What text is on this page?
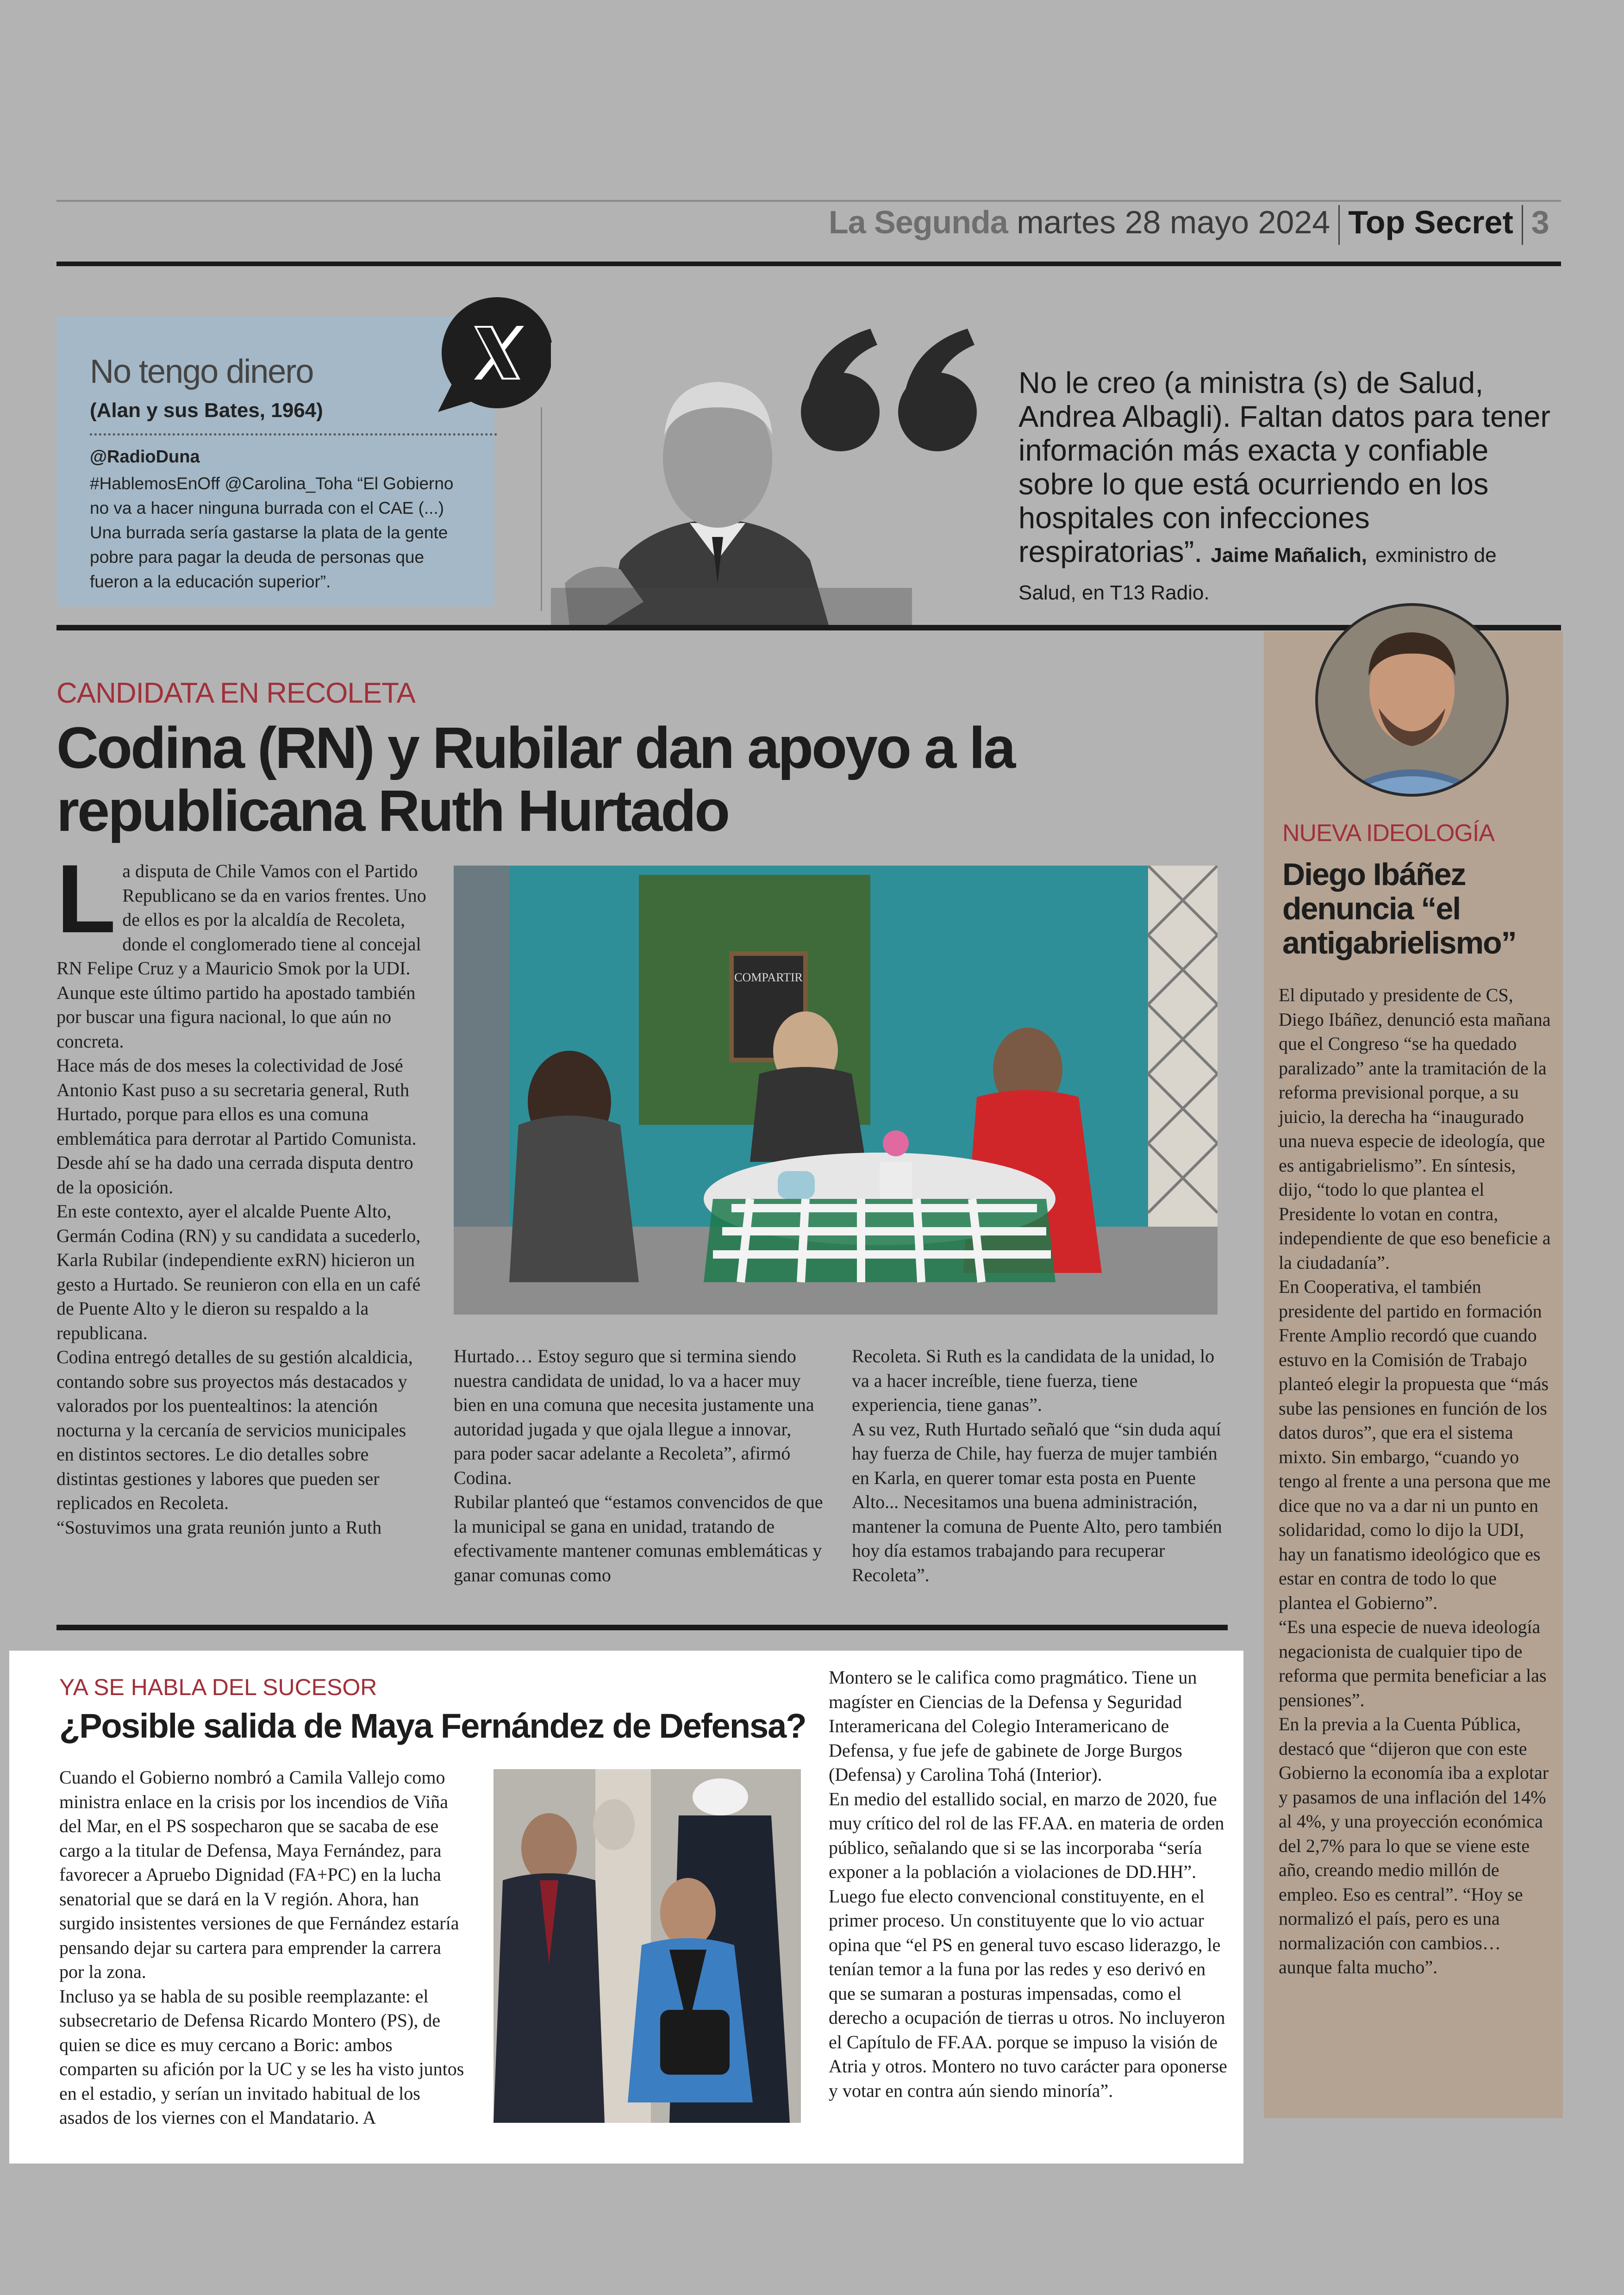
La Segunda martes 28 mayo 2024 Top Secret 3
No tengo dinero
(Alan y sus Bates, 1964)
@RadioDuna
#HablemosEnOff @Carolina_Toha “El Gobierno no va a hacer ninguna burrada con el CAE (...) Una burrada sería gastarse la plata de la gente pobre para pagar la deuda de personas que fueron a la educación superior”.
No le creo (a ministra (s) de Salud, Andrea Albagli). Faltan datos para tener información más exacta y confiable sobre lo que está ocurriendo en los hospitales con infecciones respiratorias”. Jaime Mañalich, exministro de Salud, en T13 Radio.
CANDIDATA EN RECOLETA
Codina (RN) y Rubilar dan apoyo a la republicana Ruth Hurtado

La disputa de Chile Vamos con el Partido Republicano se da en varios frentes. Uno de ellos es por la alcaldía de Recoleta, donde el conglomerado tiene al concejal RN Felipe Cruz y a Mauricio Smok por la UDI. Aunque este último partido ha apostado también por buscar una figura nacional, lo que aún no concreta.

Hace más de dos meses la colectividad de José Antonio Kast puso a su secretaria general, Ruth Hurtado, porque para ellos es una comuna emblemática para derrotar al Partido Comunista. Desde ahí se ha dado una cerrada disputa dentro de la oposición.

En este contexto, ayer el alcalde Puente Alto, Germán Codina (RN) y su candidata a sucederlo, Karla Rubilar (independiente exRN) hicieron un gesto a Hurtado. Se reunieron con ella en un café de Puente Alto y le dieron su respaldo a la republicana.

Codina entregó detalles de su gestión alcaldicia, contando sobre sus proyectos más destacados y valorados por los puentealtinos: la atención nocturna y la cercanía de servicios municipales en distintos sectores. Le dio detalles sobre distintas gestiones y labores que pueden ser replicados en Recoleta.

“Sostuvimos una grata reunión junto a Ruth

COMPARTIR

Hurtado… Estoy seguro que si termina siendo nuestra candidata de unidad, lo va a hacer muy bien en una comuna que necesita justamente una autoridad jugada y que ojala llegue a innovar, para poder sacar adelante a Recoleta”, afirmó Codina.

Rubilar planteó que “estamos convencidos de que la municipal se gana en unidad, tratando de efectivamente mantener comunas emblemáticas y ganar comunas como

Recoleta. Si Ruth es la candidata de la unidad, lo va a hacer increíble, tiene fuerza, tiene experiencia, tiene ganas”.

A su vez, Ruth Hurtado señaló que “sin duda aquí hay fuerza de Chile, hay fuerza de mujer también en Karla, en querer tomar esta posta en Puente Alto... Necesitamos una buena administración, mantener la comuna de Puente Alto, pero también hoy día estamos trabajando para recuperar Recoleta”.

YA SE HABLA DEL SUCESOR
¿Posible salida de Maya Fernández de Defensa?

Cuando el Gobierno nombró a Camila Vallejo como ministra enlace en la crisis por los incendios de Viña del Mar, en el PS sospecharon que se sacaba de ese cargo a la titular de Defensa, Maya Fernández, para favorecer a Apruebo Dignidad (FA+PC) en la lucha senatorial que se dará en la V región. Ahora, han surgido insistentes versiones de que Fernández estaría pensando dejar su cartera para emprender la carrera por la zona.

Incluso ya se habla de su posible reemplazante: el subsecretario de Defensa Ricardo Montero (PS), de quien se dice es muy cercano a Boric: ambos comparten su afición por la UC y se les ha visto juntos en el estadio, y serían un invitado habitual de los asados de los viernes con el Mandatario. A

Montero se le califica como pragmático. Tiene un magíster en Ciencias de la Defensa y Seguridad Interamericana del Colegio Interamericano de Defensa, y fue jefe de gabinete de Jorge Burgos (Defensa) y Carolina Tohá (Interior).

En medio del estallido social, en marzo de 2020, fue muy crítico del rol de las FF.AA. en materia de orden público, señalando que si se las incorporaba “sería exponer a la población a violaciones de DD.HH”. Luego fue electo convencional constituyente, en el primer proceso. Un constituyente que lo vio actuar opina que “el PS en general tuvo escaso liderazgo, le tenían temor a la funa por las redes y eso derivó en que se sumaran a posturas impensadas, como el derecho a ocupación de tierras u otros. No incluyeron el Capítulo de FF.AA. porque se impuso la visión de Atria y otros. Montero no tuvo carácter para oponerse y votar en contra aún siendo minoría”.

NUEVA IDEOLOGÍA
Diego Ibáñez denuncia “el antigabrielismo”

El diputado y presidente de CS, Diego Ibáñez, denunció esta mañana que el Congreso “se ha quedado paralizado” ante la tramitación de la reforma previsional porque, a su juicio, la derecha ha “inaugurado una nueva especie de ideología, que es antigabrielismo”. En síntesis, dijo, “todo lo que plantea el Presidente lo votan en contra, independiente de que eso beneficie a la ciudadanía”.

En Cooperativa, el también presidente del partido en formación Frente Amplio recordó que cuando estuvo en la Comisión de Trabajo planteó elegir la propuesta que “más sube las pensiones en función de los datos duros”, que era el sistema mixto. Sin embargo, “cuando yo tengo al frente a una persona que me dice que no va a dar ni un punto en solidaridad, como lo dijo la UDI, hay un fanatismo ideológico que es estar en contra de todo lo que plantea el Gobierno”.

“Es una especie de nueva ideología negacionista de cualquier tipo de reforma que permita beneficiar a las pensiones”.

En la previa a la Cuenta Pública, destacó que “dijeron que con este Gobierno la economía iba a explotar y pasamos de una inflación del 14% al 4%, y una proyección económica del 2,7% para lo que se viene este año, creando medio millón de empleo. Eso es central”. “Hoy se normalizó el país, pero es una normalización con cambios… aunque falta mucho”.
